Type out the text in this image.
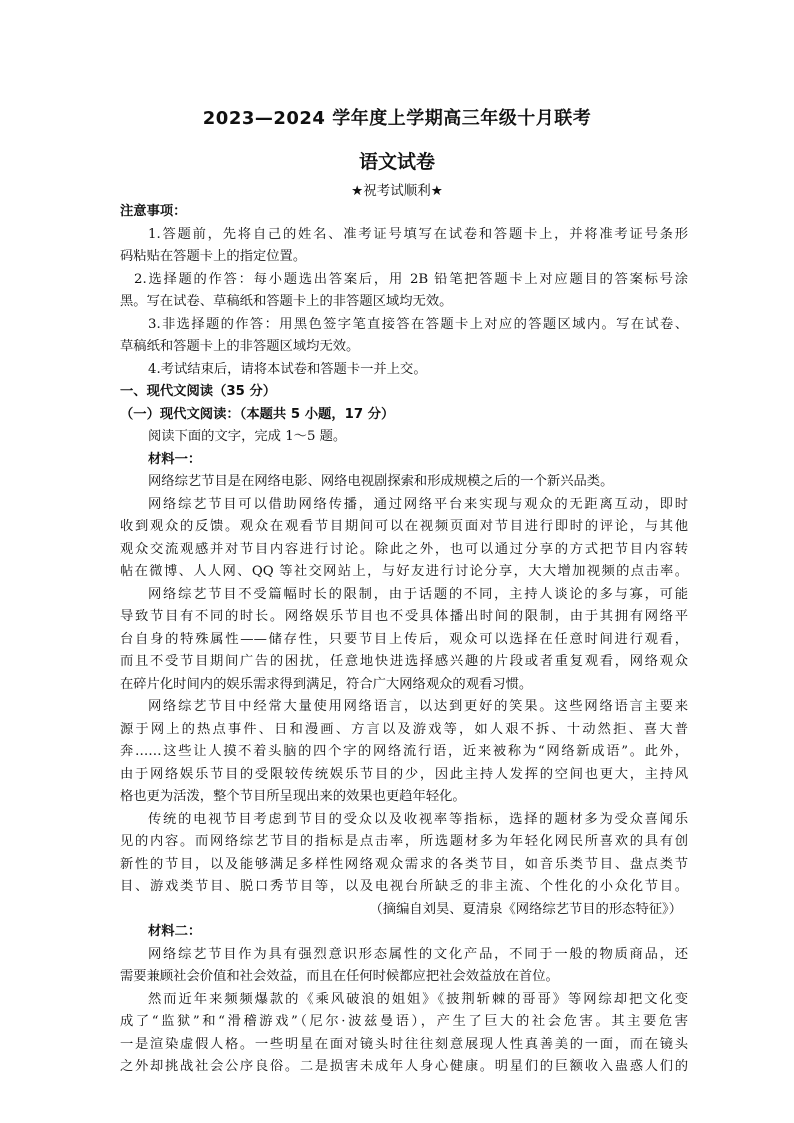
2023—2024 学年度上学期高三年级十月联考
语文试卷
★祝考试顺利★
注意事项：
1.答题前，先将自己的姓名、准考证号填写在试卷和答题卡上，并将准考证号条形
码粘贴在答题卡上的指定位置。
2.选择题的作答：每小题选出答案后，用 2B 铅笔把答题卡上对应题目的答案标号涂
黑。写在试卷、草稿纸和答题卡上的非答题区域均无效。
3.非选择题的作答：用黑色签字笔直接答在答题卡上对应的答题区域内。写在试卷、
草稿纸和答题卡上的非答题区域均无效。
4.考试结束后，请将本试卷和答题卡一并上交。
一、现代文阅读（35 分）
（一）现代文阅读：（本题共 5 小题，17 分）
阅读下面的文字，完成 1～5 题。
材料一：
网络综艺节目是在网络电影、网络电视剧探索和形成规模之后的一个新兴品类。
网络综艺节目可以借助网络传播，通过网络平台来实现与观众的无距离互动，即时
收到观众的反馈。观众在观看节目期间可以在视频页面对节目进行即时的评论，与其他
观众交流观感并对节目内容进行讨论。除此之外，也可以通过分享的方式把节目内容转
帖在微博、人人网、QQ 等社交网站上，与好友进行讨论分享，大大增加视频的点击率。
网络综艺节目不受篇幅时长的限制，由于话题的不同，主持人谈论的多与寡，可能
导致节目有不同的时长。网络娱乐节目也不受具体播出时间的限制，由于其拥有网络平
台自身的特殊属性——储存性，只要节目上传后，观众可以选择在任意时间进行观看，
而且不受节目期间广告的困扰，任意地快进选择感兴趣的片段或者重复观看，网络观众
在碎片化时间内的娱乐需求得到满足，符合广大网络观众的观看习惯。
网络综艺节目中经常大量使用网络语言，以达到更好的笑果。这些网络语言主要来
源于网上的热点事件、日和漫画、方言以及游戏等，如人艰不拆、十动然拒、喜大普
奔……这些让人摸不着头脑的四个字的网络流行语，近来被称为“网络新成语”。此外，
由于网络娱乐节目的受限较传统娱乐节目的少，因此主持人发挥的空间也更大，主持风
格也更为活泼，整个节目所呈现出来的效果也更趋年轻化。
传统的电视节目考虑到节目的受众以及收视率等指标，选择的题材多为受众喜闻乐
见的内容。而网络综艺节目的指标是点击率，所选题材多为年轻化网民所喜欢的具有创
新性的节目，以及能够满足多样性网络观众需求的各类节目，如音乐类节目、盘点类节
目、游戏类节目、脱口秀节目等，以及电视台所缺乏的非主流、个性化的小众化节目。
（摘编自刘昊、夏清泉《网络综艺节目的形态特征》）
材料二：
网络综艺节目作为具有强烈意识形态属性的文化产品，不同于一般的物质商品，还
需要兼顾社会价值和社会效益，而且在任何时候都应把社会效益放在首位。
然而近年来频频爆款的《乘风破浪的姐姐》《披荆斩棘的哥哥》等网综却把文化变
成了“监狱”和“滑稽游戏”（尼尔·波兹曼语），产生了巨大的社会危害。其主要危害
一是渲染虚假人格。一些明星在面对镜头时往往刻意展现人性真善美的一面，而在镜头
之外却挑战社会公序良俗。二是损害未成年人身心健康。明星们的巨额收入蛊惑人们的
